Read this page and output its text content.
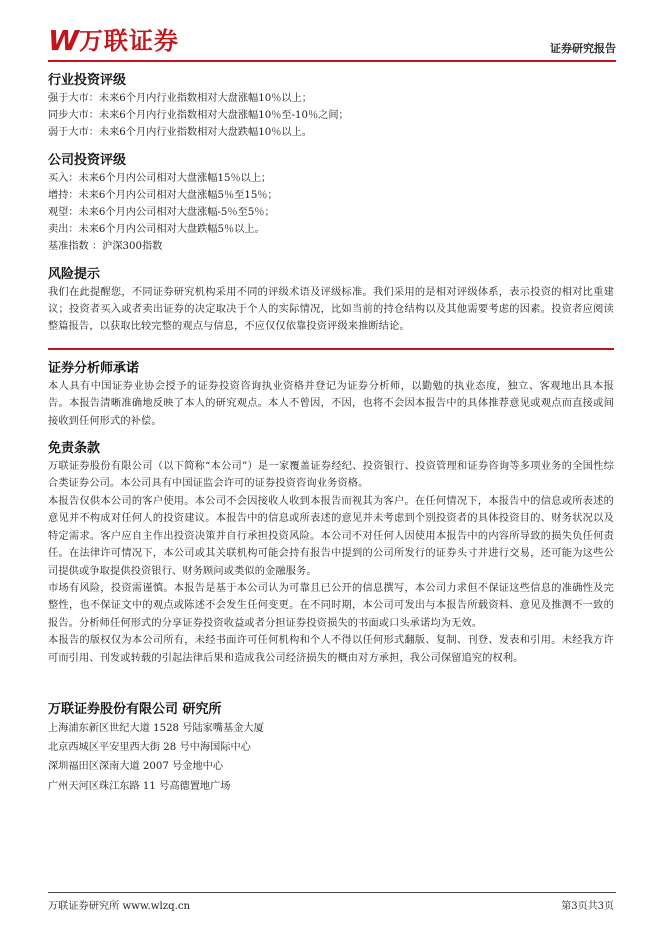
W 万联证券	证券研究报告
行业投资评级

强于大市：未来6个月内行业指数相对大盘涨幅10％以上；

同步大市：未来6个月内行业指数相对大盘涨幅10％至-10％之间；

弱于大市：未来6个月内行业指数相对大盘跌幅10％以上。

公司投资评级

买入：未来6个月内公司相对大盘涨幅15％以上；

增持：未来6个月内公司相对大盘涨幅5％至15％；

观望：未来6个月内公司相对大盘涨幅-5％至5％；

卖出：未来6个月内公司相对大盘跌幅5％以上。

基准指数 ：沪深300指数

风险提示

我们在此提醒您，不同证券研究机构采用不同的评级术语及评级标准。我们采用的是相对评级体系，表示投资的相对比重建议；投资者买入或者卖出证券的决定取决于个人的实际情况，比如当前的持仓结构以及其他需要考虑的因素。投资者应阅读整篇报告，以获取比较完整的观点与信息，不应仅仅依靠投资评级来推断结论。

证券分析师承诺

本人具有中国证券业协会授予的证券投资咨询执业资格并登记为证券分析师，以勤勉的执业态度，独立、客观地出具本报告。本报告清晰准确地反映了本人的研究观点。本人不曾因，不因，也将不会因本报告中的具体推荐意见或观点而直接或间接收到任何形式的补偿。

免责条款

万联证券股份有限公司（以下简称“本公司”）是一家覆盖证券经纪、投资银行、投资管理和证券咨询等多项业务的全国性综合类证券公司。本公司具有中国证监会许可的证券投资咨询业务资格。

本报告仅供本公司的客户使用。本公司不会因接收人收到本报告而视其为客户。在任何情况下，本报告中的信息或所表述的意见并不构成对任何人的投资建议。本报告中的信息或所表述的意见并未考虑到个别投资者的具体投资目的、财务状况以及特定需求。客户应自主作出投资决策并自行承担投资风险。本公司不对任何人因使用本报告中的内容所导致的损失负任何责任。在法律许可情况下，本公司或其关联机构可能会持有报告中提到的公司所发行的证券头寸并进行交易，还可能为这些公司提供或争取提供投资银行、财务顾问或类似的金融服务。

市场有风险，投资需谨慎。本报告是基于本公司认为可靠且已公开的信息撰写，本公司力求但不保证这些信息的准确性及完整性，也不保证文中的观点或陈述不会发生任何变更。在不同时期，本公司可发出与本报告所载资料、意见及推测不一致的报告。分析师任何形式的分享证券投资收益或者分担证券投资损失的书面或口头承诺均为无效。

本报告的版权仅为本公司所有，未经书面许可任何机构和个人不得以任何形式翻版、复制、刊登、发表和引用。未经我方许可而引用、刊发或转载的引起法律后果和造成我公司经济损失的概由对方承担，我公司保留追究的权利。

万联证券股份有限公司 研究所

上海浦东新区世纪大道 1528 号陆家嘴基金大厦

北京西城区平安里西大街 28 号中海国际中心

深圳福田区深南大道 2007 号金地中心

广州天河区珠江东路 11 号高德置地广场

万联证券研究所 www.wlzq.cn	第3页共3页
